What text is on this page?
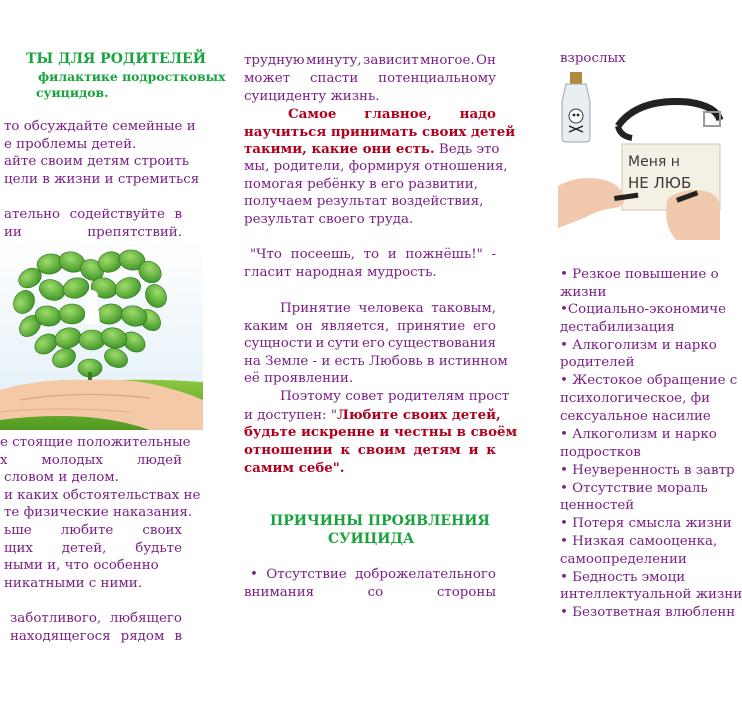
ТЫ ДЛЯ РОДИТЕЛЕЙ
филактике подростковых
суицидов.
то обсуждайте семейные и
е проблемы детей.
айте своим детям строить
цели в жизни и стремиться
ательно содействуйте в
ии	препятствий.
е стоящие положительные
х	молодых	людей
словом и делом.
и каких обстоятельствах не
те физические наказания.
ьше любите своих
щих детей, будьте
ными и, что особенно
никатными с ними.
заботливого, любящего
находящегося рядом в
трудную минуту, зависит многое. Он
может спасти потенциальному
суициденту жизнь.
Самое главное, надо
научиться принимать своих детей
такими, какие они есть. Ведь это
мы, родители, формируя отношения,
помогая ребёнку в его развитии,
получаем результат воздействия,
результат своего труда.
"Что посеешь, то и пожнёшь!" -
гласит народная мудрость.
Принятие человека таковым,
каким он является, принятие его
сущности и сути его существования
на Земле - и есть Любовь в истинном
её проявлении.
Поэтому совет родителям прост
и доступен: "Любите своих детей,
будьте искренне и честны в своём
отношении к своим детям и к
самим себе".
ПРИЧИНЫ ПРОЯВЛЕНИЯ
СУИЦИДА
• Отсутствие доброжелательного
внимания	со	стороны
взрослых
Меня н
НЕ ЛЮБ
• Резкое повышение о
жизни
•Социально-экономиче
дестабилизация
• Алкоголизм и нарко
родителей
• Жестокое обращение с
психологическое, фи
сексуальное насилие
• Алкоголизм и нарко
подростков
• Неуверенность в завтр
• Отсутствие мораль
ценностей
• Потеря смысла жизни
• Низкая самооценка,
самоопределении
• Бедность эмоци
интеллектуальной жизни
• Безответная влюбленн
